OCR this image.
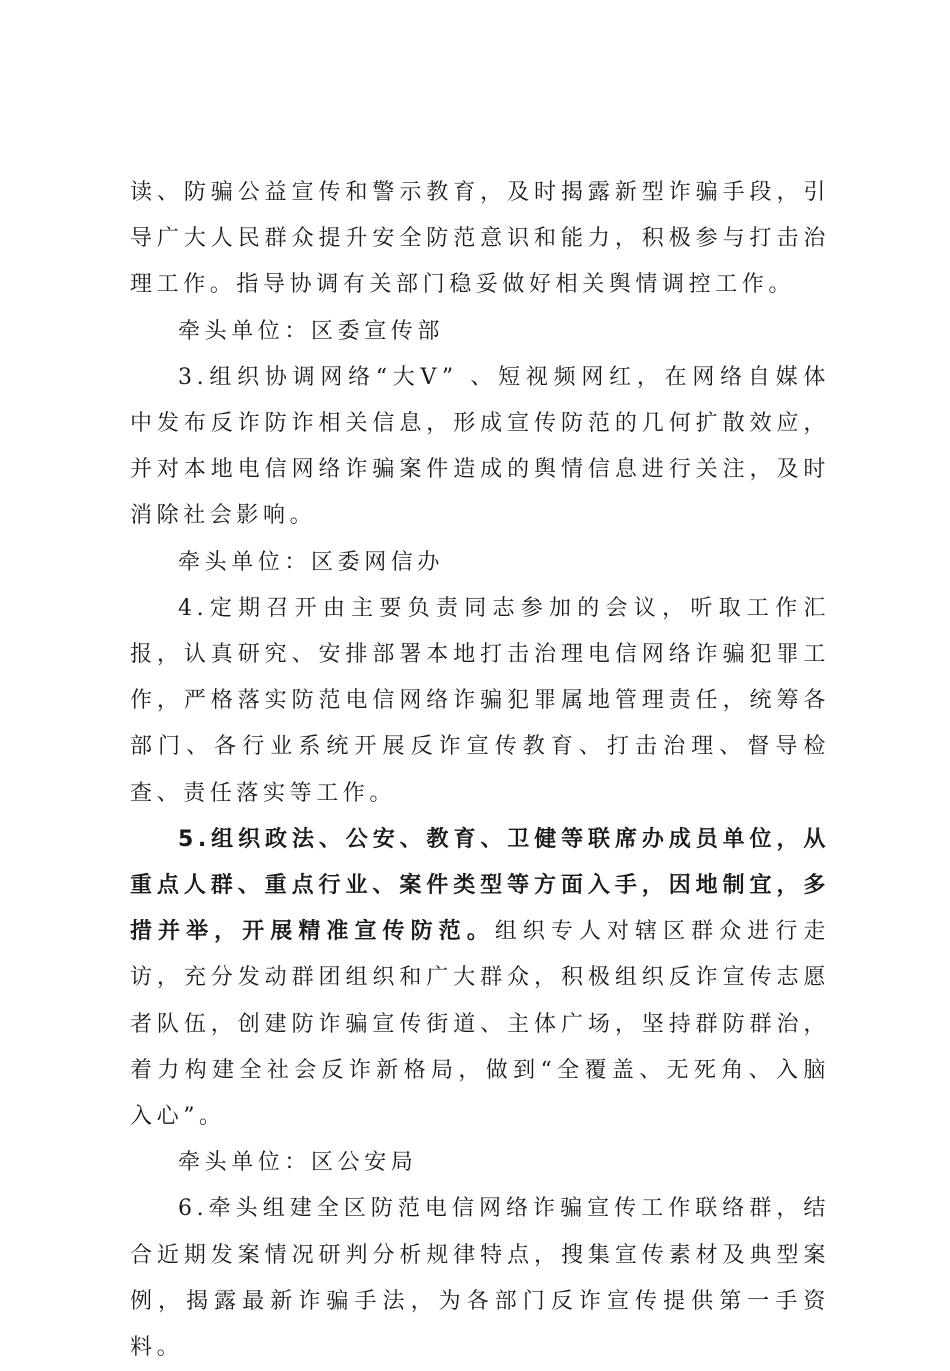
读、防骗公益宣传和警示教育，及时揭露新型诈骗手段，引导广大人民群众提升安全防范意识和能力，积极参与打击治理工作。指导协调有关部门稳妥做好相关舆情调控工作。

牵头单位：区委宣传部

3.组织协调网络“大V” 、短视频网红，在网络自媒体中发布反诈防诈相关信息，形成宣传防范的几何扩散效应，并对本地电信网络诈骗案件造成的舆情信息进行关注，及时消除社会影响。

牵头单位：区委网信办

4.定期召开由主要负责同志参加的会议，听取工作汇报，认真研究、安排部署本地打击治理电信网络诈骗犯罪工作，严格落实防范电信网络诈骗犯罪属地管理责任，统筹各部门、各行业系统开展反诈宣传教育、打击治理、督导检查、责任落实等工作。

5.组织政法、公安、教育、卫健等联席办成员单位，从重点人群、重点行业、案件类型等方面入手，因地制宜，多措并举，开展精准宣传防范。组织专人对辖区群众进行走访，充分发动群团组织和广大群众，积极组织反诈宣传志愿者队伍，创建防诈骗宣传街道、主体广场，坚持群防群治，着力构建全社会反诈新格局，做到“全覆盖、无死角、入脑入心”。

牵头单位：区公安局

6.牵头组建全区防范电信网络诈骗宣传工作联络群，结合近期发案情况研判分析规律特点，搜集宣传素材及典型案例，揭露最新诈骗手法，为各部门反诈宣传提供第一手资料。
